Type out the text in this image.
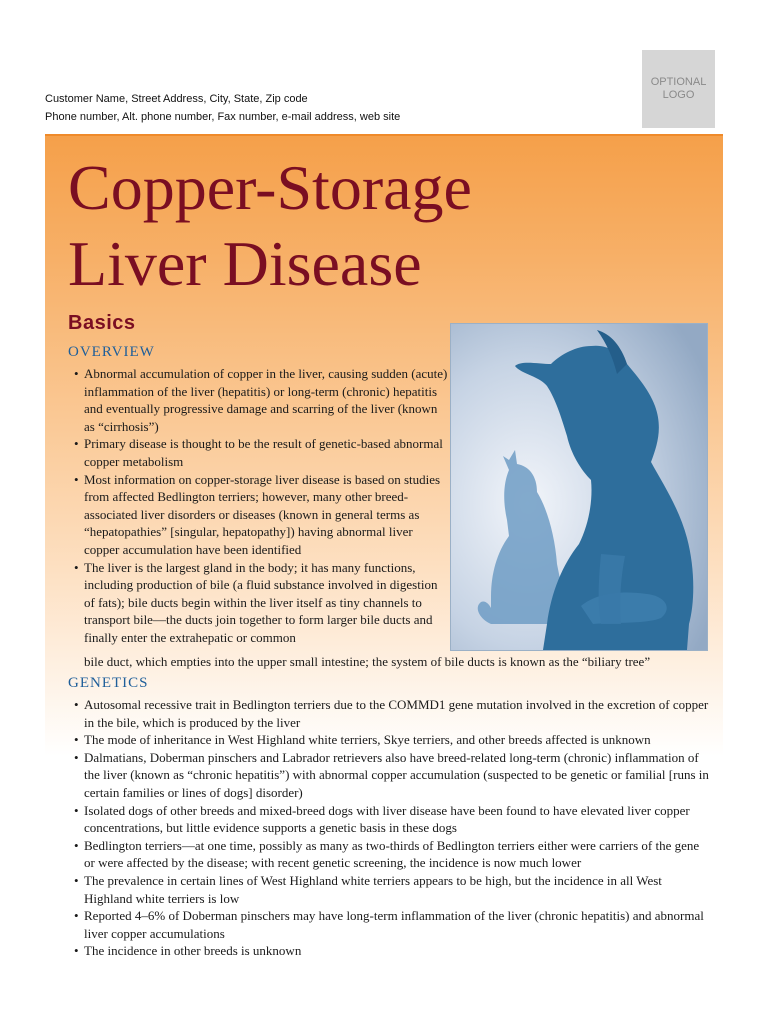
Customer Name, Street Address, City, State, Zip code
Phone number, Alt. phone number, Fax number, e-mail address, web site
OPTIONAL
LOGO
Copper-Storage
Liver Disease
Basics
OVERVIEW
• Abnormal accumulation of copper in the liver, causing sudden (acute) inflammation of the liver (hepatitis) or long-term (chronic) hepatitis and eventually progressive damage and scarring of the liver (known as “cirrhosis”)
• Primary disease is thought to be the result of genetic-based abnormal copper metabolism
• Most information on copper-storage liver disease is based on studies from affected Bedlington terriers; however, many other breed-associated liver disorders or diseases (known in general terms as “hepatopathies” [singular, hepatopathy]) having abnormal liver copper accumulation have been identified
• The liver is the largest gland in the body; it has many functions, including production of bile (a fluid substance involved in digestion of fats); bile ducts begin within the liver itself as tiny channels to transport bile—the ducts join together to form larger bile ducts and finally enter the extrahepatic or common
bile duct, which empties into the upper small intestine; the system of bile ducts is known as the “biliary tree”
GENETICS
• Autosomal recessive trait in Bedlington terriers due to the COMMD1 gene mutation involved in the excretion of copper in the bile, which is produced by the liver
• The mode of inheritance in West Highland white terriers, Skye terriers, and other breeds affected is unknown
• Dalmatians, Doberman pinschers and Labrador retrievers also have breed-related long-term (chronic) inflammation of the liver (known as “chronic hepatitis”) with abnormal copper accumulation (suspected to be genetic or familial [runs in certain families or lines of dogs] disorder)
• Isolated dogs of other breeds and mixed-breed dogs with liver disease have been found to have elevated liver copper concentrations, but little evidence supports a genetic basis in these dogs
• Bedlington terriers—at one time, possibly as many as two-thirds of Bedlington terriers either were carriers of the gene or were affected by the disease; with recent genetic screening, the incidence is now much lower
• The prevalence in certain lines of West Highland white terriers appears to be high, but the incidence in all West Highland white terriers is low
• Reported 4–6% of Doberman pinschers may have long-term inflammation of the liver (chronic hepatitis) and abnormal liver copper accumulations
• The incidence in other breeds is unknown
